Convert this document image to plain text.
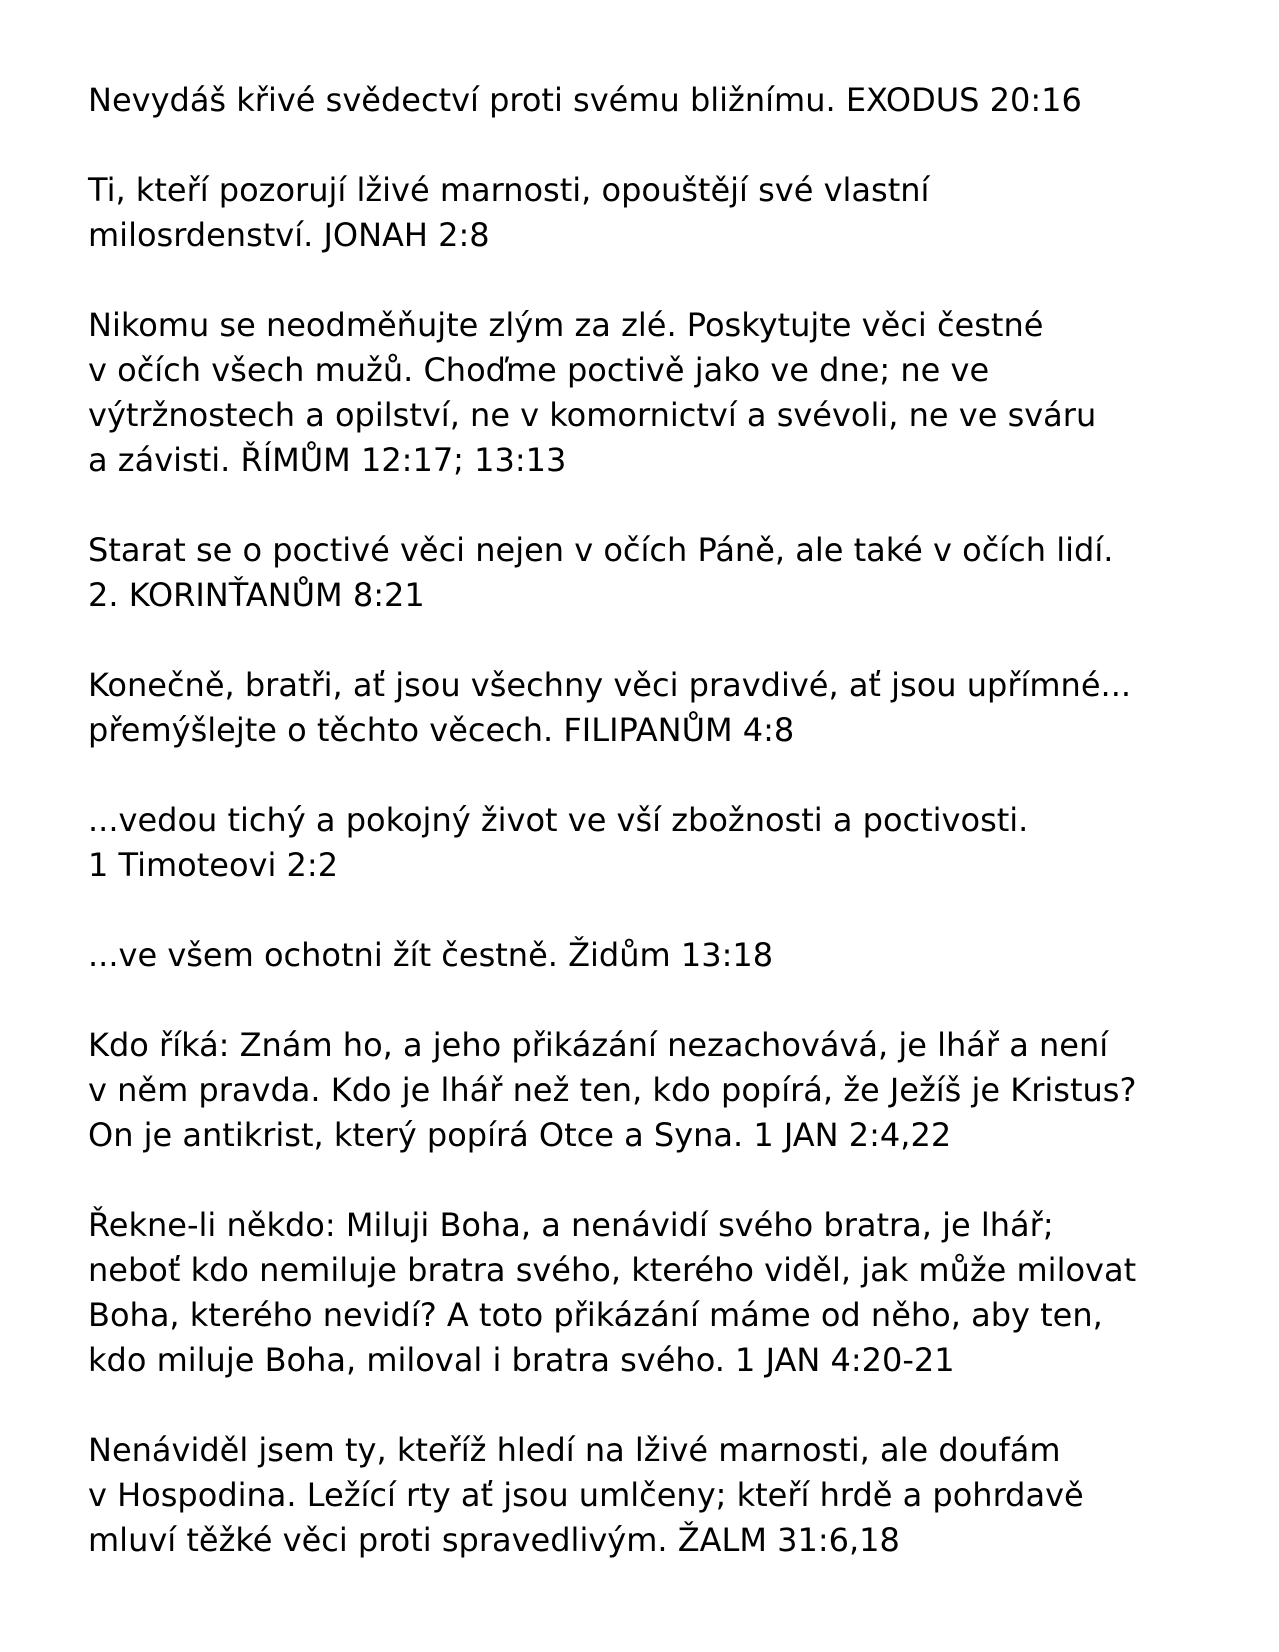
Nevydáš křivé svědectví proti svému bližnímu. EXODUS 20:16
Ti, kteří pozorují lživé marnosti, opouštějí své vlastní
milosrdenství. JONAH 2:8
Nikomu se neodměňujte zlým za zlé. Poskytujte věci čestné
v očích všech mužů. Choďme poctivě jako ve dne; ne ve
výtržnostech a opilství, ne v komornictví a svévoli, ne ve sváru
a závisti. ŘÍMŮM 12:17; 13:13
Starat se o poctivé věci nejen v očích Páně, ale také v očích lidí.
2. KORINŤANŮM 8:21
Konečně, bratři, ať jsou všechny věci pravdivé, ať jsou upřímné...
přemýšlejte o těchto věcech. FILIPANŮM 4:8
...vedou tichý a pokojný život ve vší zbožnosti a poctivosti.
1 Timoteovi 2:2
...ve všem ochotni žít čestně. Židům 13:18
Kdo říká: Znám ho, a jeho přikázání nezachovává, je lhář a není
v něm pravda. Kdo je lhář než ten, kdo popírá, že Ježíš je Kristus?
On je antikrist, který popírá Otce a Syna. 1 JAN 2:4,22
Řekne-li někdo: Miluji Boha, a nenávidí svého bratra, je lhář;
neboť kdo nemiluje bratra svého, kterého viděl, jak může milovat
Boha, kterého nevidí? A toto přikázání máme od něho, aby ten,
kdo miluje Boha, miloval i bratra svého. 1 JAN 4:20-21
Nenáviděl jsem ty, kteříž hledí na lživé marnosti, ale doufám
v Hospodina. Ležící rty ať jsou umlčeny; kteří hrdě a pohrdavě
mluví těžké věci proti spravedlivým. ŽALM 31:6,18
